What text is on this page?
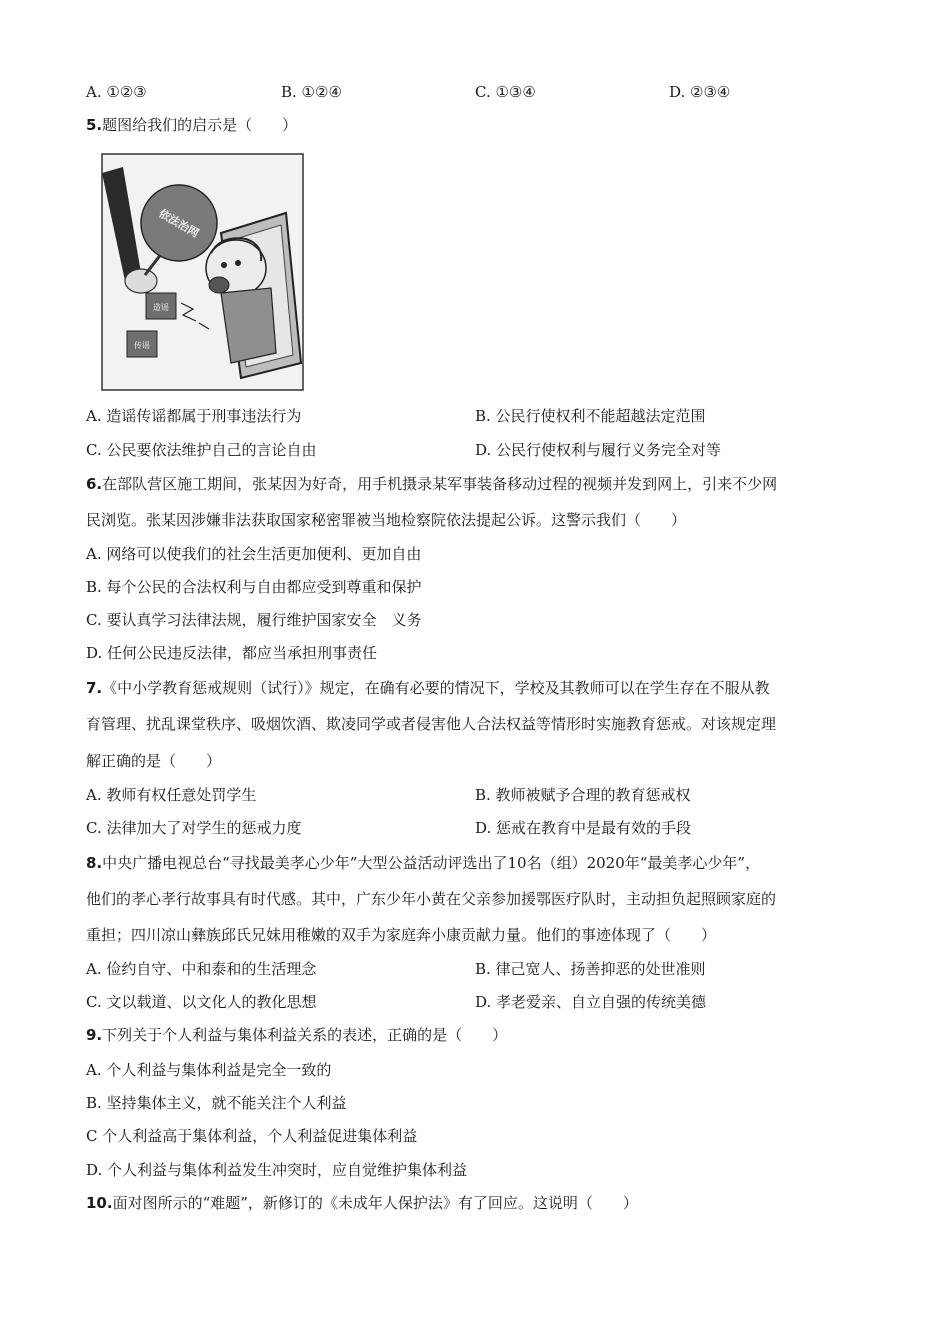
A. ①②③	B. ①②④	C. ①③④	D. ②③④
5.题图给我们的启示是（　　）
依法治网
造谣
传谣
A. 造谣传谣都属于刑事违法行为	B. 公民行使权利不能超越法定范围
C. 公民要依法维护自己的言论自由	D. 公民行使权利与履行义务完全对等
6.在部队营区施工期间，张某因为好奇，用手机摄录某军事装备移动过程的视频并发到网上，引来不少网
民浏览。张某因涉嫌非法获取国家秘密罪被当地检察院依法提起公诉。这警示我们（　　）
A. 网络可以使我们的社会生活更加便利、更加自由
B. 每个公民的合法权利与自由都应受到尊重和保护
C. 要认真学习法律法规，履行维护国家安全　义务
D. 任何公民违反法律，都应当承担刑事责任
7.《中小学教育惩戒规则（试行）》规定，在确有必要的情况下，学校及其教师可以在学生存在不服从教
育管理、扰乱课堂秩序、吸烟饮酒、欺凌同学或者侵害他人合法权益等情形时实施教育惩戒。对该规定理
解正确的是（　　）
A. 教师有权任意处罚学生	B. 教师被赋予合理的教育惩戒权
C. 法律加大了对学生的惩戒力度	D. 惩戒在教育中是最有效的手段
8.中央广播电视总台“寻找最美孝心少年”大型公益活动评选出了10名（组）2020年“最美孝心少年”，
他们的孝心孝行故事具有时代感。其中，广东少年小黄在父亲参加援鄂医疗队时，主动担负起照顾家庭的
重担；四川凉山彝族邱氏兄妹用稚嫩的双手为家庭奔小康贡献力量。他们的事迹体现了（　　）
A. 俭约自守、中和泰和的生活理念	B. 律己宽人、扬善抑恶的处世准则
C. 文以载道、以文化人的教化思想	D. 孝老爱亲、自立自强的传统美德
9.下列关于个人利益与集体利益关系的表述，正确的是（　　）
A. 个人利益与集体利益是完全一致的
B. 坚持集体主义，就不能关注个人利益
C 个人利益高于集体利益，个人利益促进集体利益
D. 个人利益与集体利益发生冲突时，应自觉维护集体利益
10.面对图所示的“难题”，新修订的《未成年人保护法》有了回应。这说明（　　）
